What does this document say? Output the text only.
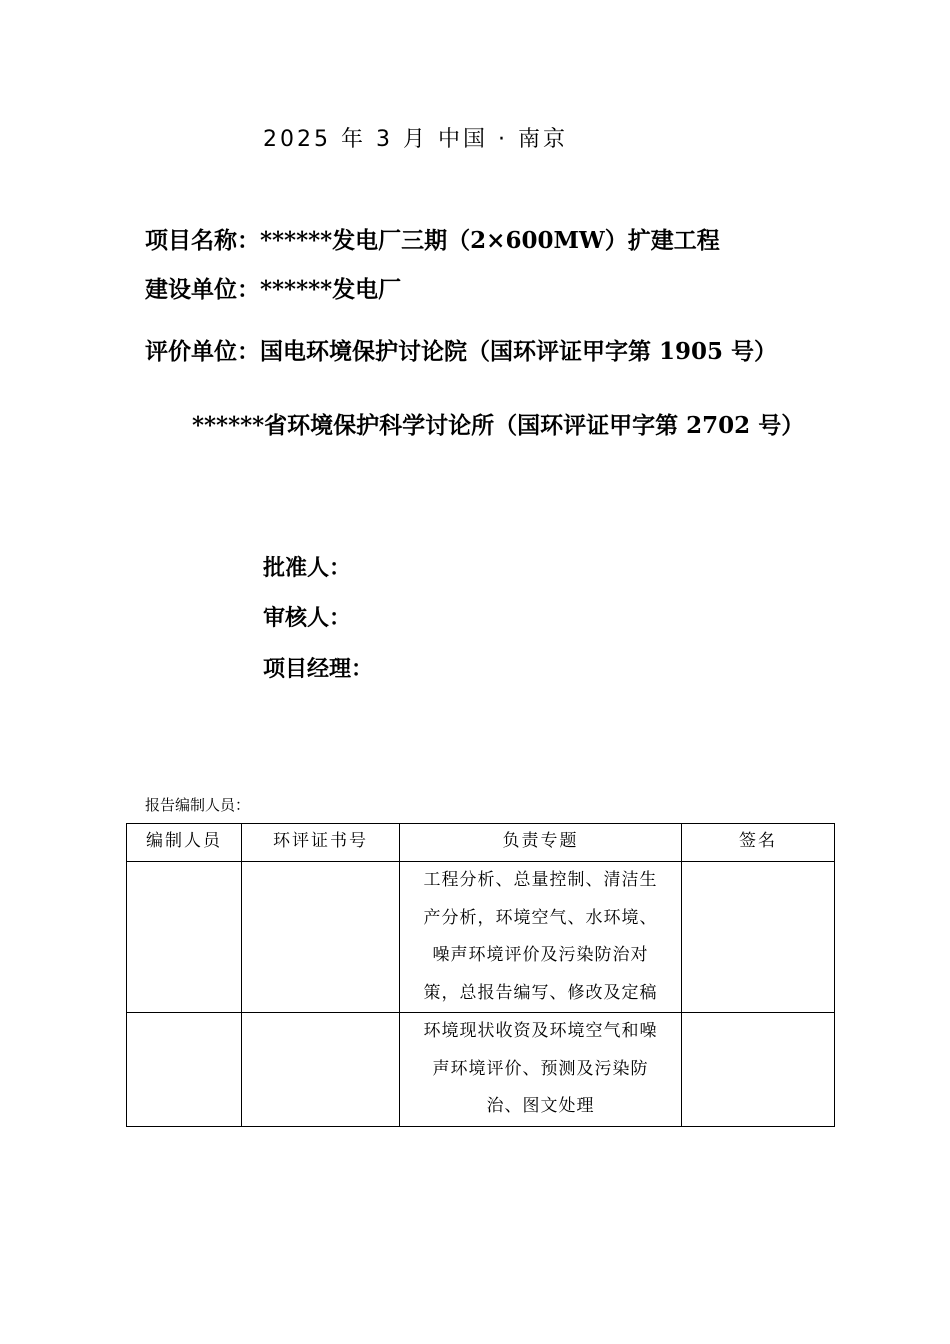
2025 年 3 月 中国 · 南京
项目名称：******发电厂三期（2×600MW）扩建工程
建设单位：******发电厂
评价单位：国电环境保护讨论院（国环评证甲字第 1905 号）
******省环境保护科学讨论所（国环评证甲字第 2702 号）
批准人：
审核人：
项目经理：
报告编制人员：
编制人员	环评证书号	负责专题	签名

		工程分析、总量控制、清洁生
产分析，环境空气、水环境、
噪声环境评价及污染防治对
策，总报告编写、修改及定稿	

		环境现状收资及环境空气和噪
声环境评价、预测及污染防
治、图文处理	
